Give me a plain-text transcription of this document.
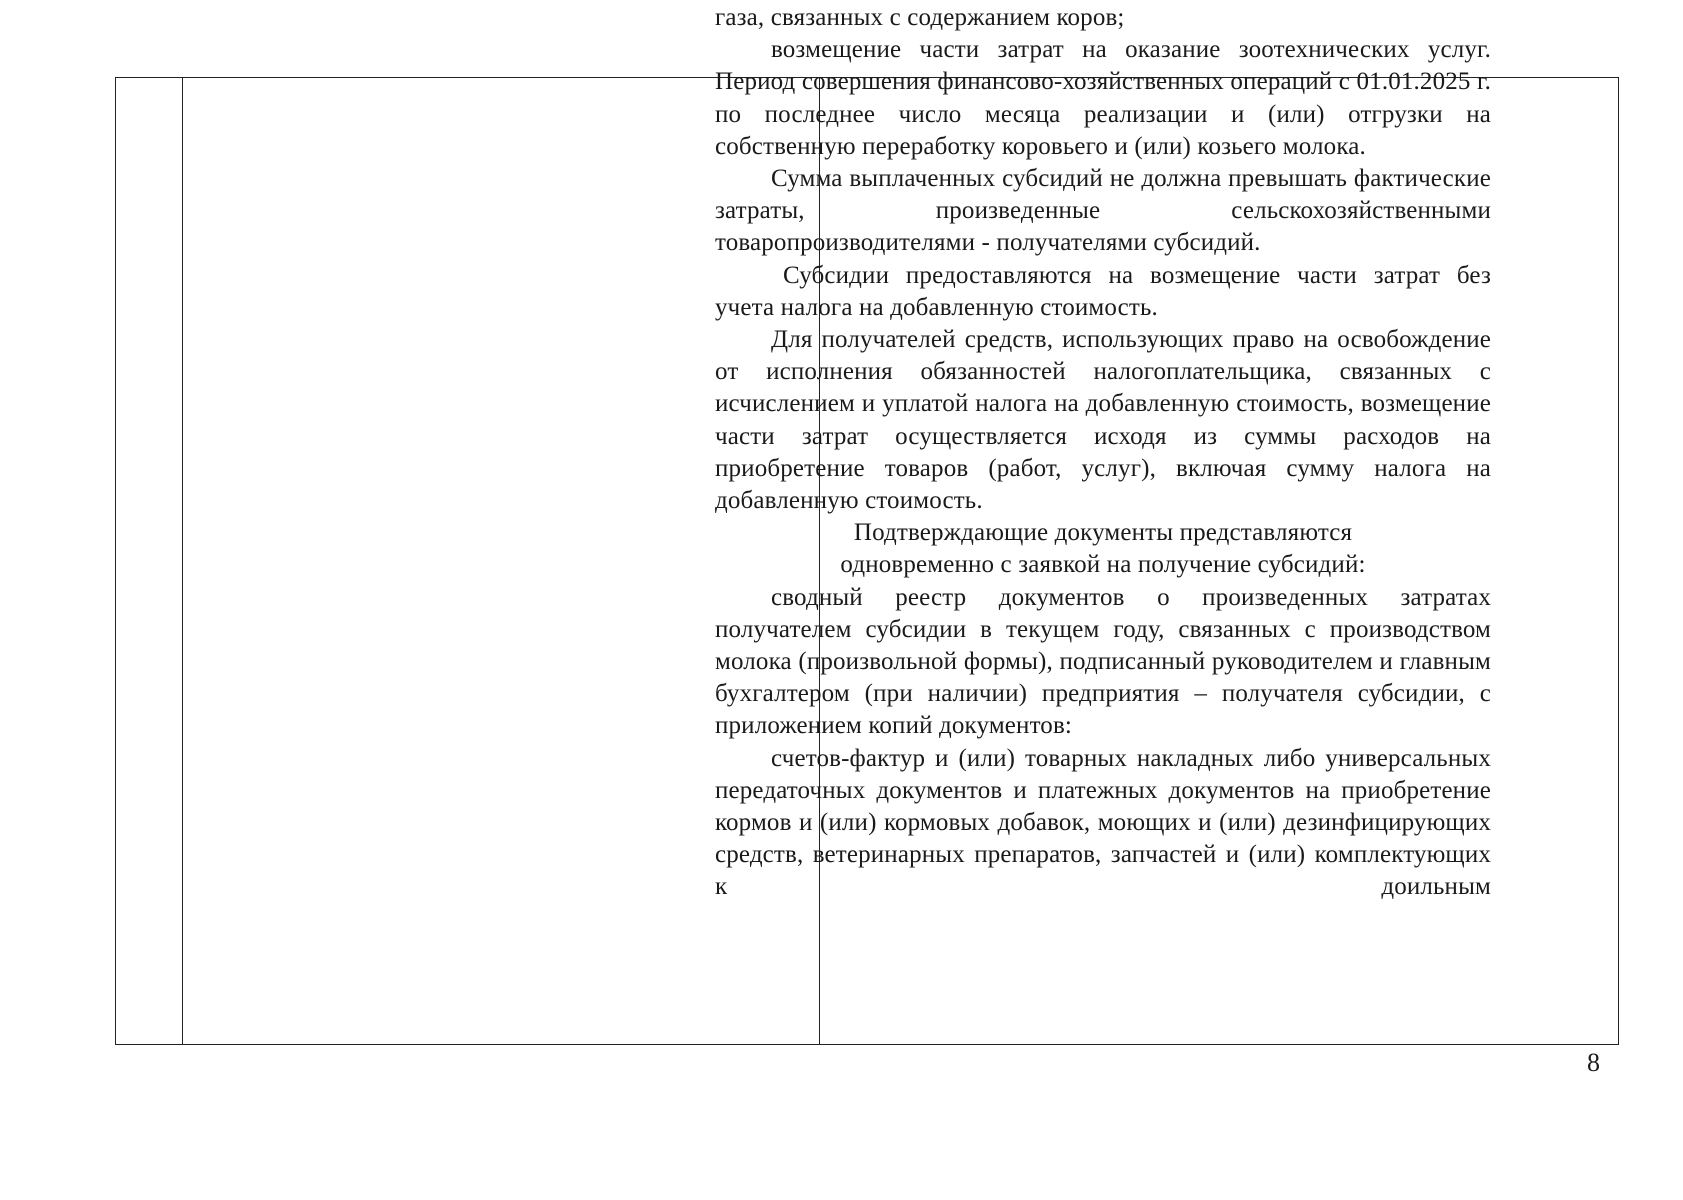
газа, связанных с содержанием коров;

возмещение части затрат на оказание зоотехнических услуг. Период совершения финансово-хозяйственных операций с 01.01.2025 г. по последнее число месяца реализации и (или) отгрузки на собственную переработку коровьего и (или) козьего молока.

Сумма выплаченных субсидий не должна превышать фактические затраты, произведенные сельскохозяйственными товаропроизводителями - получателями субсидий.

Субсидии предоставляются на возмещение части затрат без учета налога на добавленную стоимость.

Для получателей средств, использующих право на освобождение от исполнения обязанностей налогоплательщика, связанных с исчислением и уплатой налога на добавленную стоимость, возмещение части затрат осуществляется исходя из суммы расходов на приобретение товаров (работ, услуг), включая сумму налога на добавленную стоимость.

Подтверждающие документы представляются

одновременно с заявкой на получение субсидий:

сводный реестр документов о произведенных затратах получателем субсидии в текущем году, связанных с производством молока (произвольной формы), подписанный руководителем и главным бухгалтером (при наличии) предприятия – получателя субсидии, с приложением копий документов:

счетов-фактур и (или) товарных накладных либо универсальных передаточных документов и платежных документов на приобретение кормов и (или) кормовых добавок, моющих и (или) дезинфицирующих средств, ветеринарных препаратов, запчастей и (или) комплектующих к доильным

8
